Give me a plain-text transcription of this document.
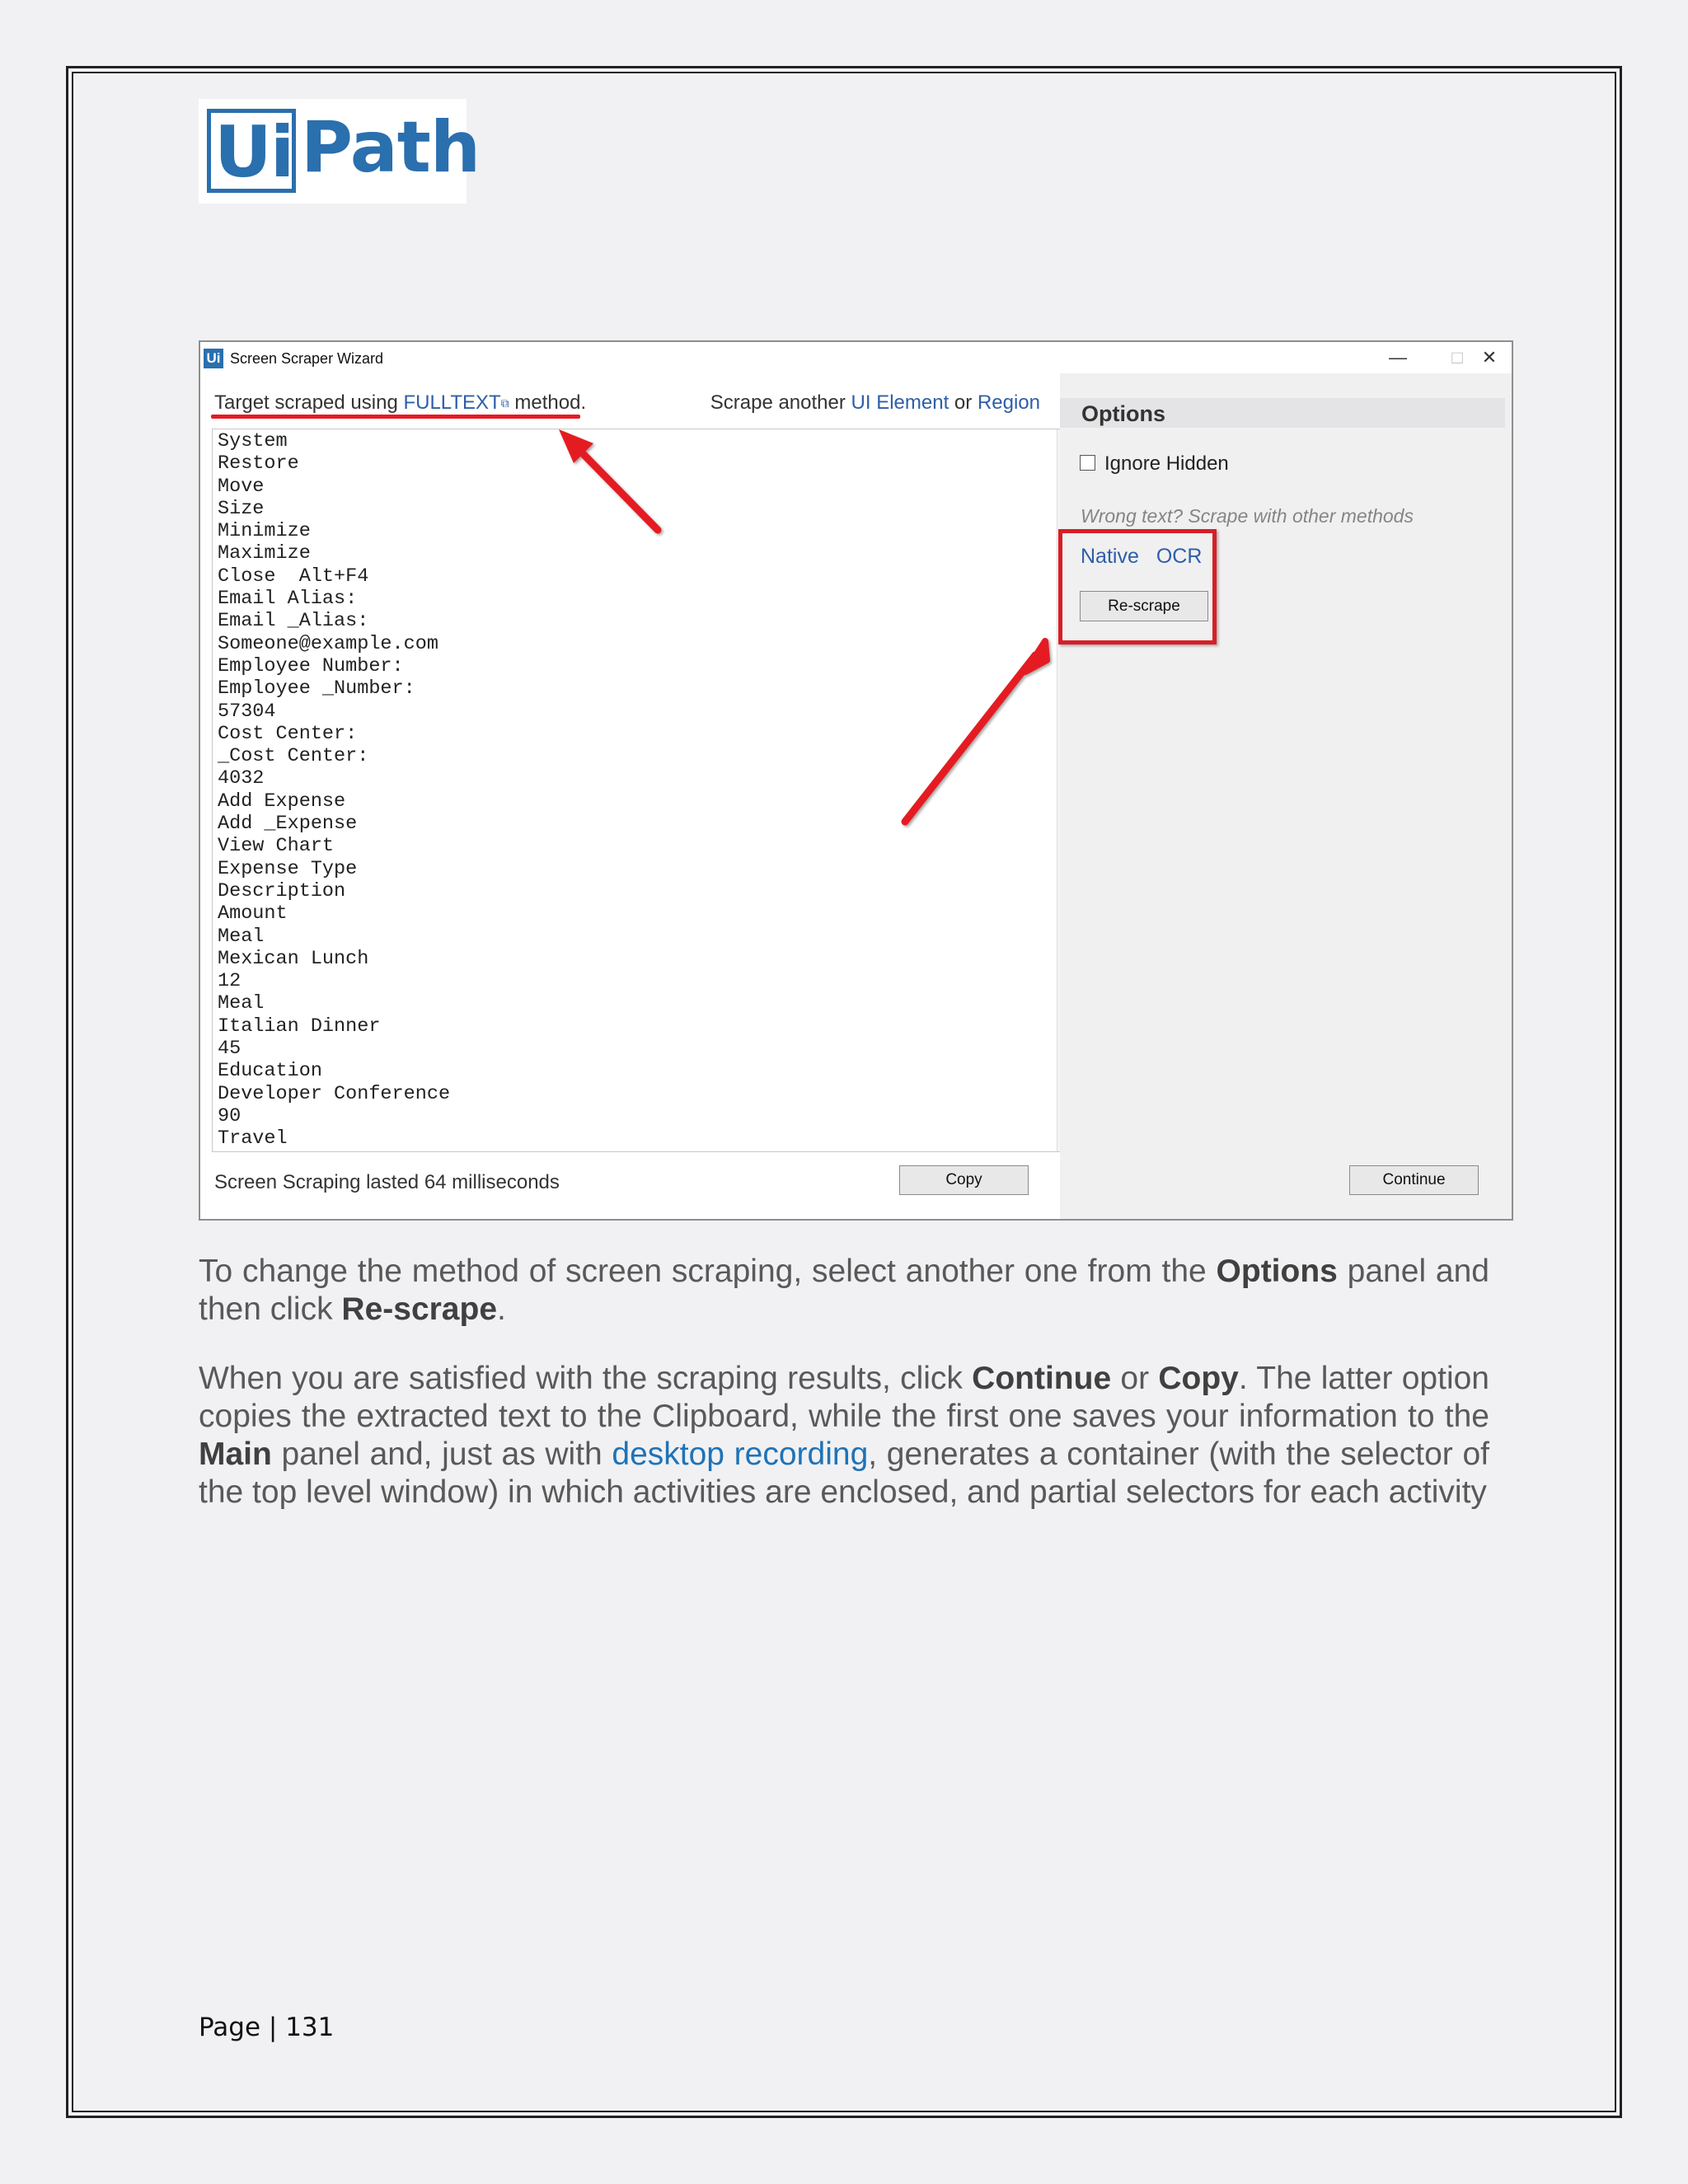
Ui Path
Ui Screen Scraper Wizard	—	□	✕
Target scraped using FULLTEXT⧉ method.	Scrape another UI Element or Region
System
Restore
Move
Size
Minimize
Maximize
Close  Alt+F4
Email Alias:
Email _Alias:
Someone@example.com
Employee Number:
Employee _Number:
57304
Cost Center:
_Cost Center:
4032
Add Expense
Add _Expense
View Chart
Expense Type
Description
Amount
Meal
Mexican Lunch
12
Meal
Italian Dinner
45
Education
Developer Conference
90
Travel
Screen Scraping lasted 64 milliseconds	Copy
Options
Ignore Hidden
Wrong text? Scrape with other methods
Native OCR
Re-scrape
Continue

To change the method of screen scraping, select another one from the Options panel and then click Re-scrape.

When you are satisfied with the scraping results, click Continue or Copy. The latter option copies the extracted text to the Clipboard, while the first one saves your information to the Main panel and, just as with desktop recording, generates a container (with the selector of the top level window) in which activities are enclosed, and partial selectors for each activity

Page | 131
